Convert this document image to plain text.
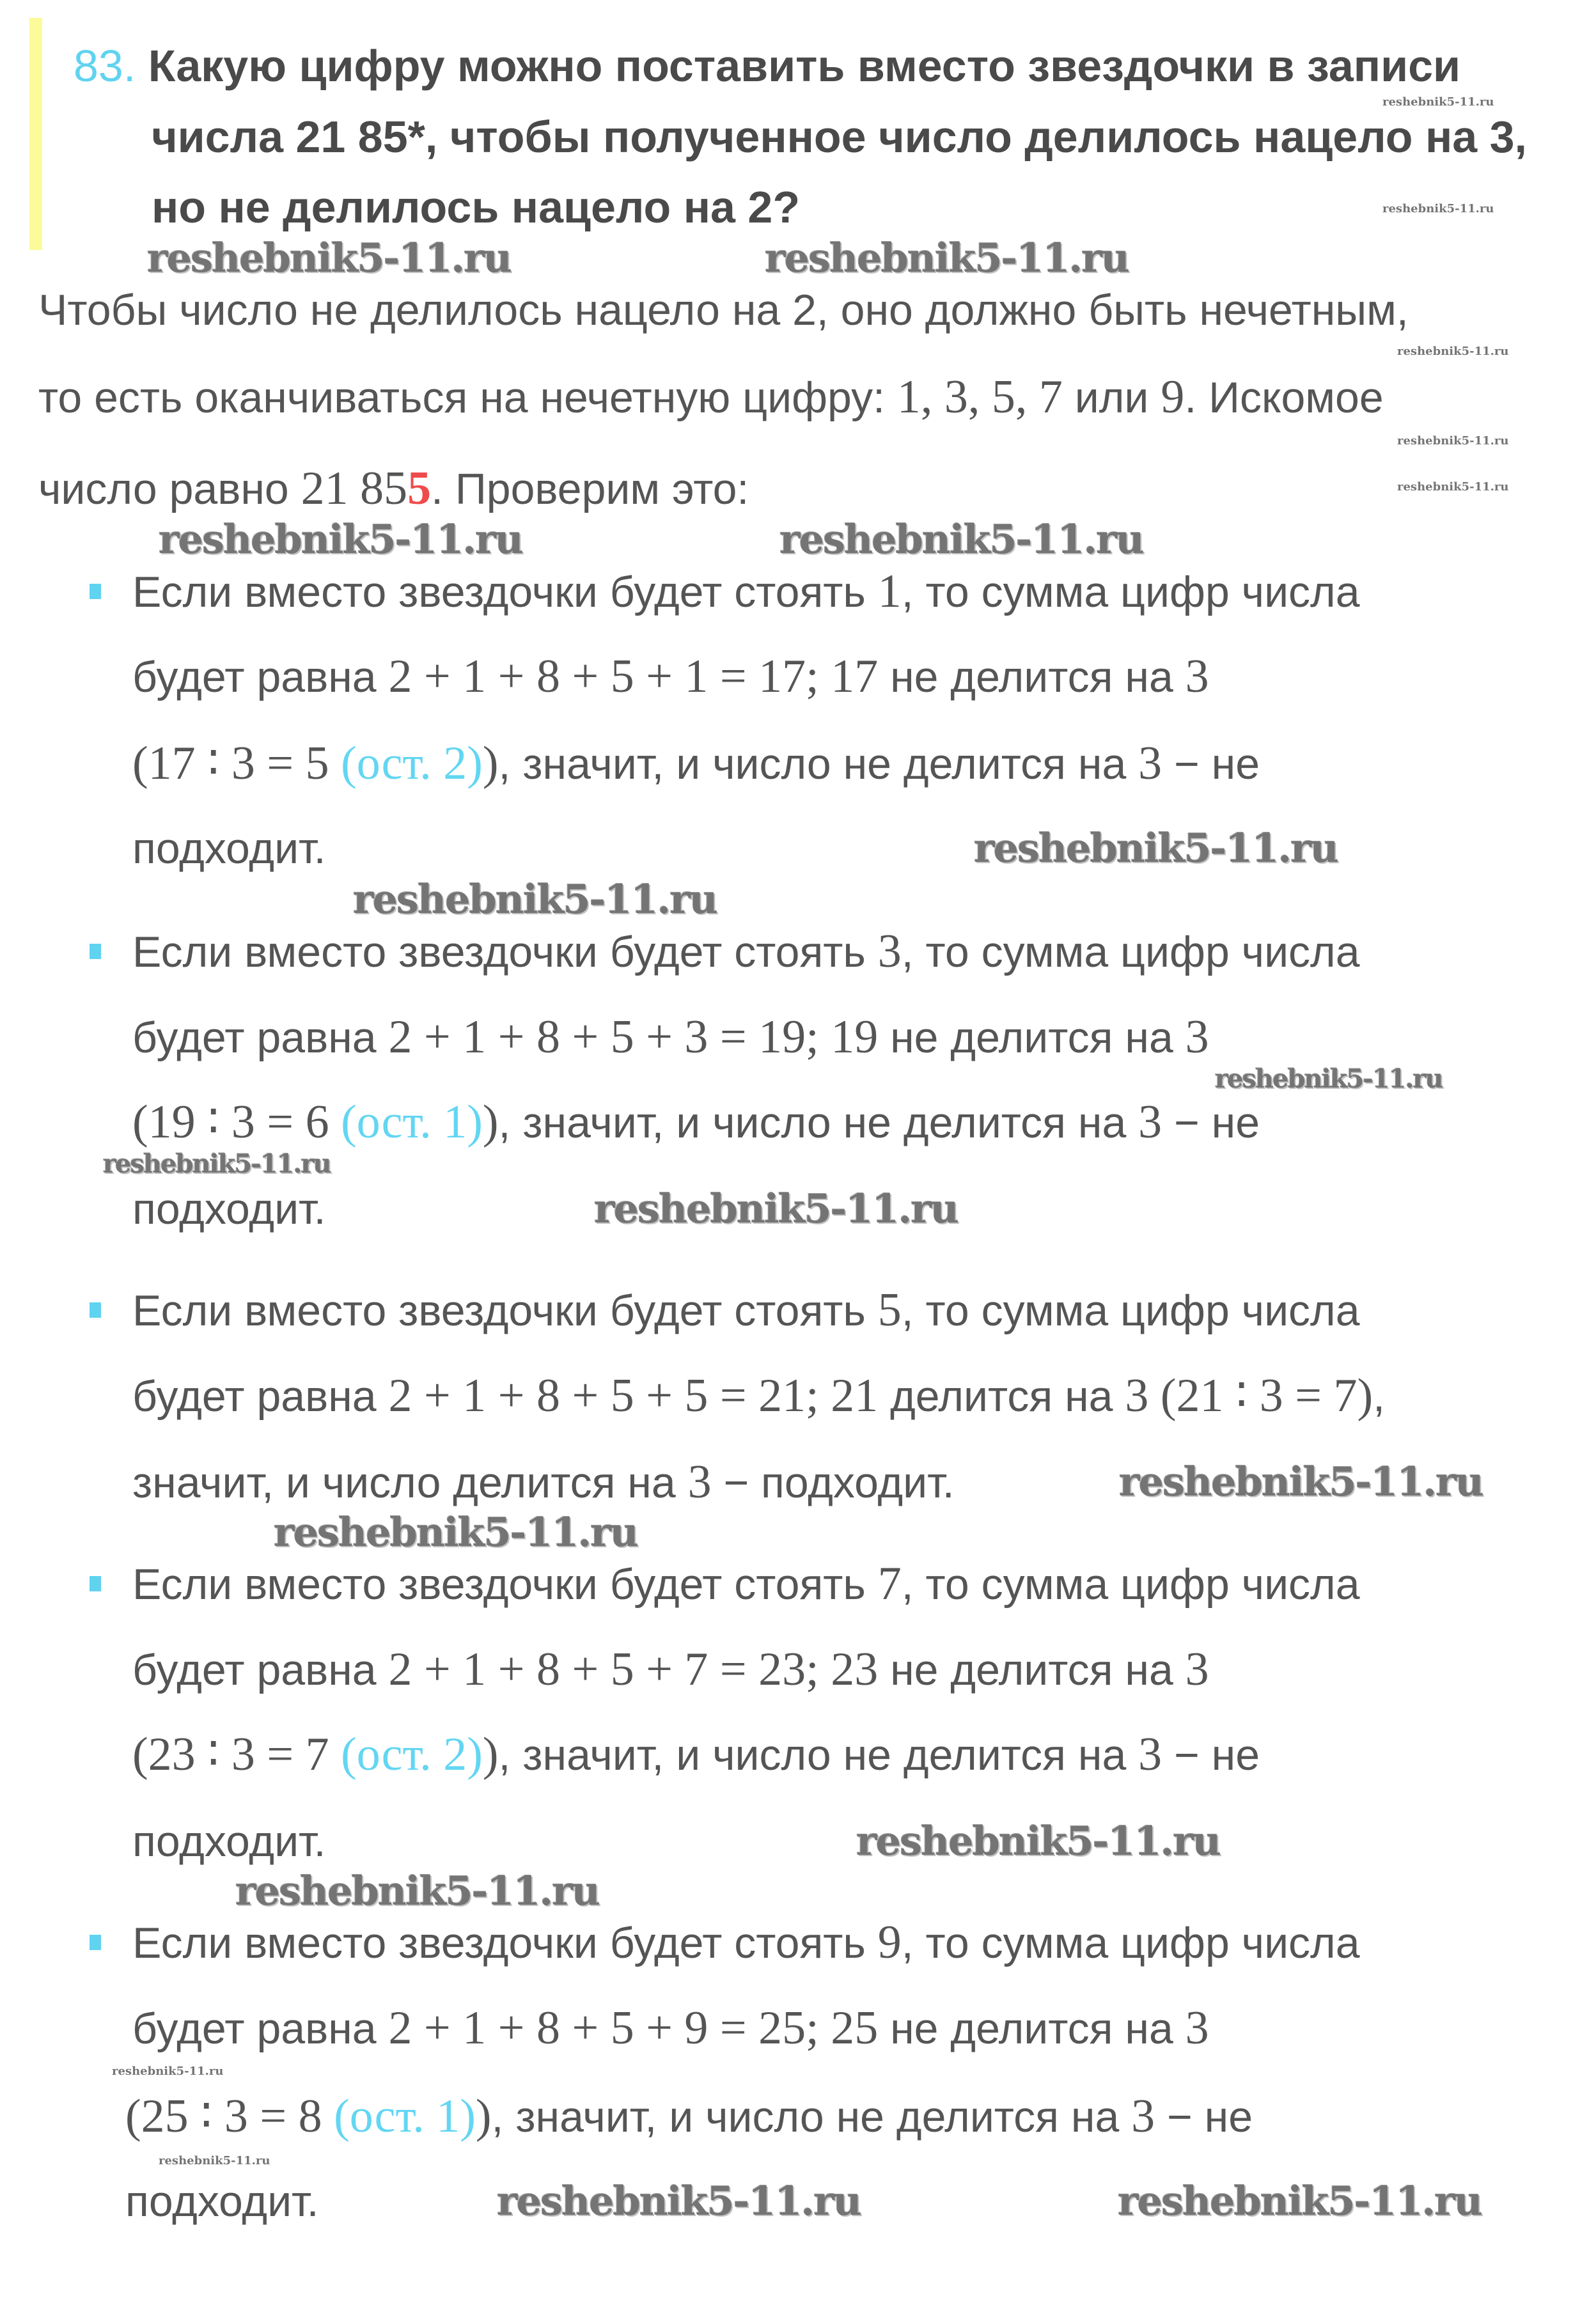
83. Какую цифру можно поставить вместо звездочки в записи
числа 21 85*, чтобы полученное число делилось нацело на 3,
но не делилось нацело на 2?
Чтобы число не делилось нацело на 2, оно должно быть нечетным,
то есть оканчиваться на нечетную цифру: 1, 3, 5, 7 или 9. Искомое
число равно 21 855. Проверим это:
Если вместо звездочки будет стоять 1, то сумма цифр числа
будет равна 2 + 1 + 8 + 5 + 1 = 17; 17 не делится на 3
(17 ∶ 3 = 5 (ост. 2)), значит, и число не делится на 3 − не
подходит.
Если вместо звездочки будет стоять 3, то сумма цифр числа
будет равна 2 + 1 + 8 + 5 + 3 = 19; 19 не делится на 3
(19 ∶ 3 = 6 (ост. 1)), значит, и число не делится на 3 − не
подходит.
Если вместо звездочки будет стоять 5, то сумма цифр числа
будет равна 2 + 1 + 8 + 5 + 5 = 21; 21 делится на 3 (21 ∶ 3 = 7),
значит, и число делится на 3 − подходит.
Если вместо звездочки будет стоять 7, то сумма цифр числа
будет равна 2 + 1 + 8 + 5 + 7 = 23; 23 не делится на 3
(23 ∶ 3 = 7 (ост. 2)), значит, и число не делится на 3 − не
подходит.
Если вместо звездочки будет стоять 9, то сумма цифр числа
будет равна 2 + 1 + 8 + 5 + 9 = 25; 25 не делится на 3
(25 ∶ 3 = 8 (ост. 1)), значит, и число не делится на 3 − не
подходит.
reshebnik5-11.ru	reshebnik5-11.ru
reshebnik5-11.ru	reshebnik5-11.ru
reshebnik5-11.ru
reshebnik5-11.ru
reshebnik5-11.ru
reshebnik5-11.ru
reshebnik5-11.ru
reshebnik5-11.ru
reshebnik5-11.ru
reshebnik5-11.ru
reshebnik5-11.ru
reshebnik5-11.ru
reshebnik5-11.ru
reshebnik5-11.ru
reshebnik5-11.ru
reshebnik5-11.ru
reshebnik5-11.ru
reshebnik5-11.ru
reshebnik5-11.ru
reshebnik5-11.ru
